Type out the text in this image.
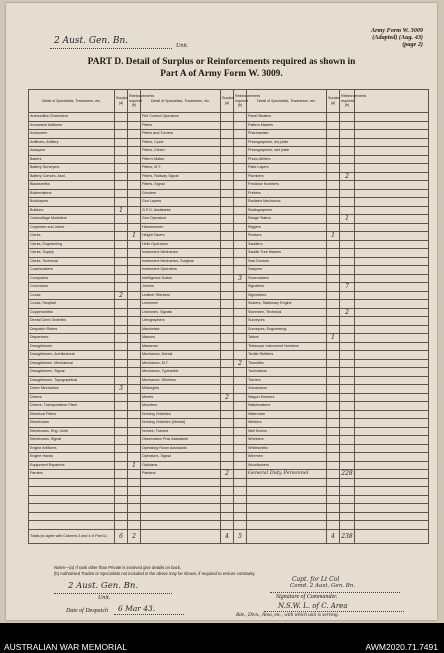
2 Aust. Gen. Bn.	Unit.
Army Form W. 3009
(Adapted) (Aug. 43)
(page 2)
PART D. Detail of Surplus or Reinforcements required as shown in
Part A of Army Form W. 3009.
Detail of Specialists, Tradesmen, etc.	Surplus (a)	Reinforcements required (b)	Detail of Specialists, Tradesmen, etc.	Surplus (a)	Reinforcements required (b)	Detail of Specialists, Tradesmen, etc.	Surplus (a)	Reinforcements required (b)	
Ammunition Examiners			Fire Control Operators			Panel Beaters			
Armament Artificers			Fitters			Pattern Makers			
Armourers			Fitters and Turners			Pharmacists			
Artificers, Artillery			Fitters, Cycle			Photographers, dry plate			
Assayers			Fitters, Diesel			Photographers, wet plate			
Bakers			Fitter's Mates			Photo-Writers			
Battery Surveyors			Fitters, M.T.			Plate Layers			
Battery Comdrs. Asst.			Fitters, Railway Signal			Plumbers		2	
Blacksmiths			Fitters, Signal			Predictor Numbers			
Boilermakers			Grinders			Printers			
Bricklayers			Gun Layers			Radiator Mechanics			
Builders	1		G.P.O. Assistants			Radiographers			
Camouflage Modellers			Gun Operators			Range Takers		1	
Carpenter and Joiner			Hammermen			Riggers			
Clerks		1	Height Takers			Riveters	1		
Clerks, Engineering			Helio Operators			Saddlers			
Clerks, Supply			Instrument Mechanics			Saddle Tree Makers			
Clerks, Technical			Instrument Mechanics, Surgical			Saw Doctors			
Coachmakers			Instrument Operators			Sawyers			
Computers			Intelligence Duties		3	Shoemakers			
Concretors			Joiners			Signallers		7	
Cooks	2		Leather Stitchers			Signwriters			
Cooks, Hospital			Linesmen			Stokers, Stationary Engine			
Coppersmiths			Linesmen, Signals			Storemen, Technical		2	
Dental Clerk Orderlies			Lithographers			Surveyors			
Despatch Riders			Machinists			Surveyors, Engineering			
Dispensers			Masons			Tailors	1		
Draughtsmen			Masseurs			Telescope Instrument Numbers			
Draughtsmen, Architectural			Mechanics, Dental			Textile Refitters			
Draughtsmen, Mechanical			Mechanics, M.T.		2	Tinsmiths			
Draughtsmen, Signal			Mechanics, Typewriter			Toolmakers			
Draughtsmen, Topographical			Mechanics, Wireless			Turners			
Driver Mechanics	3		Millwrights			Vulcanisers			
Drivers			Miners	2		Wagon Erectors			
Drivers, Transportation Plant			Moulders			Watchmakers			
Electrical Fitters			Nursing Orderlies			Waterman			
Electricians			Nursing Orderlies (Mental)			Welders			
Electricians, Eng. Units			Nurses, Trained			Well Borers			
Electricians, Signal			Observation Post Assistants			Wheelers			
Engine Artificers			Operating Room Assistants			Whitesmiths			
Engine Hands			Operators, Signal			Wiremen			
Equipment Repairers		1	Opticians			Woodturners			
Farriers			Painters	2		General Duty Personnel		228	

Totals (to agree with Columns 3 and 4 of Part A.)	6	2		4	5		4	238	
Notes—(a) If rank other than Private is involved give details on back.
(b) Authorised Trades or Specialists not included in the above may be shown, if required to ensure continuity.
2 Aust. Gen. Bn.
Unit.
Capt. for Lt Col
Comd. 2 Aust. Gen. Bn.
Signature of Commander.
Date of Despatch 6 Mar 43.	N.S.W. L. of C. Area
Bde., Divn., Area, etc., with which unit is serving.
AUSTRALIAN WAR MEMORIAL	AWM2020.71.7491
